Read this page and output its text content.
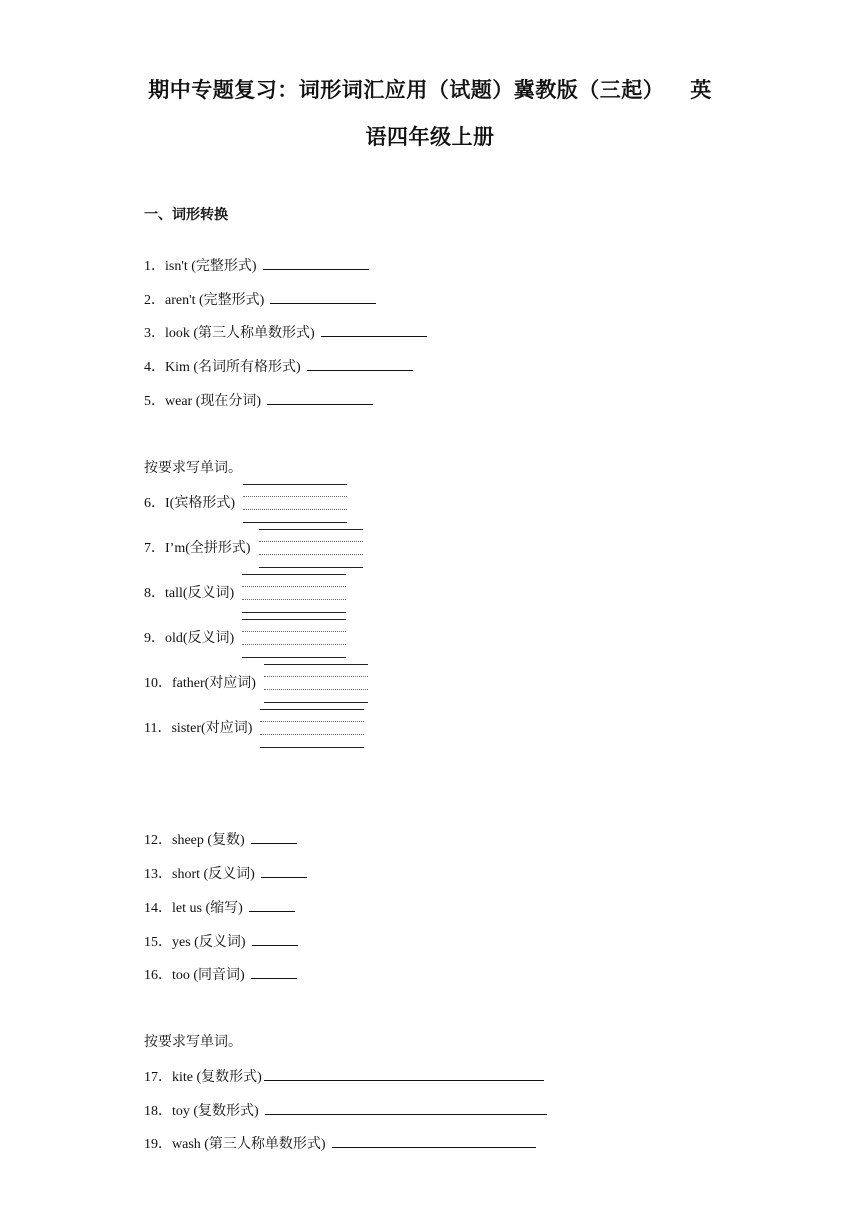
期中专题复习：词形词汇应用（试题）冀教版（三起） 英
语四年级上册
一、词形转换
1．isn't (完整形式)
2．aren't (完整形式)
3．look (第三人称单数形式)
4．Kim (名词所有格形式)
5．wear (现在分词)
按要求写单词。
6．I(宾格形式)
7．I’m(全拼形式)
8．tall(反义词)
9．old(反义词)
10．father(对应词)
11．sister(对应词)
12．sheep (复数)
13．short (反义词)
14．let us (缩写)
15．yes (反义词)
16．too (同音词)
按要求写单词。
17．kite (复数形式)
18．toy (复数形式)
19．wash (第三人称单数形式)
